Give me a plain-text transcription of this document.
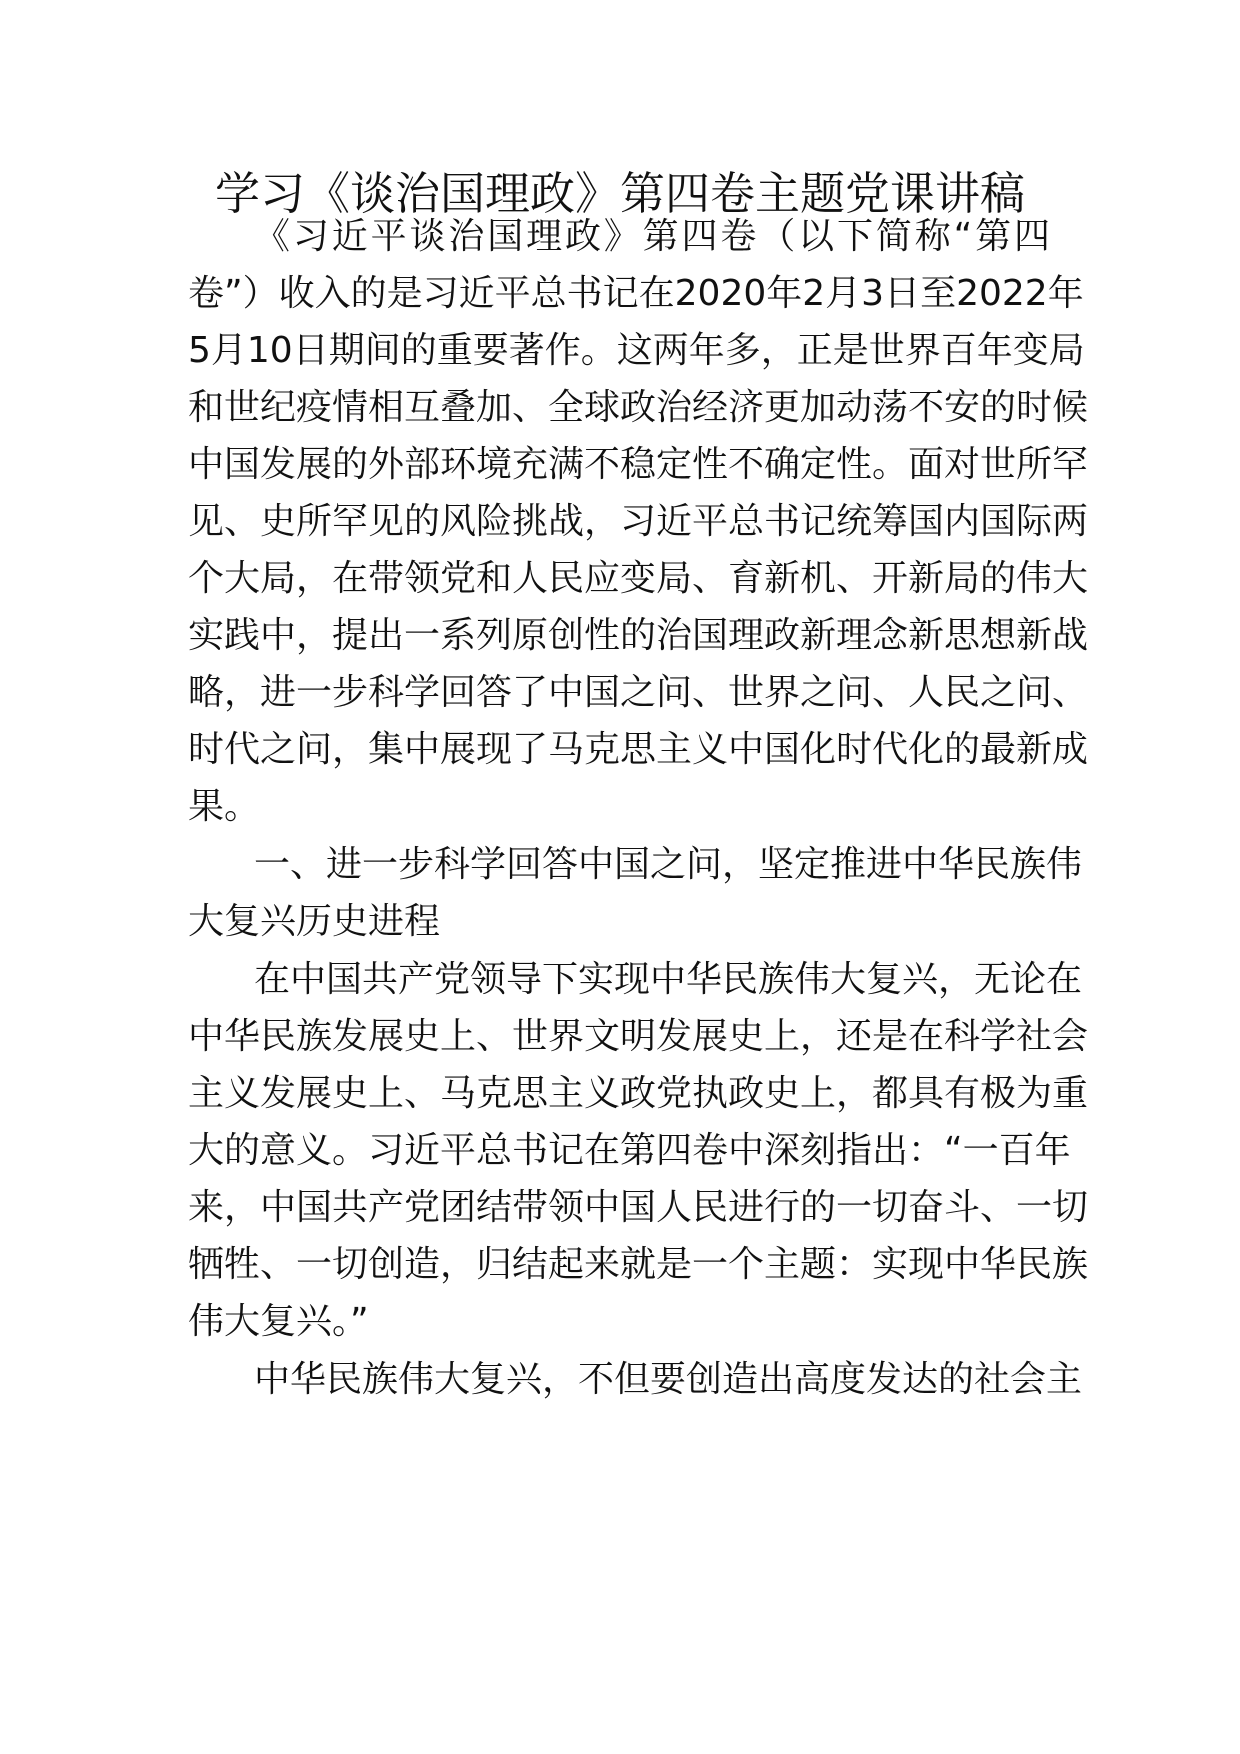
学习《谈治国理政》第四卷主题党课讲稿
《习近平谈治国理政》第四卷（以下简称“第四
卷”）收入的是习近平总书记在2020年2月3日至2022年
5月10日期间的重要著作。这两年多，正是世界百年变局
和世纪疫情相互叠加、全球政治经济更加动荡不安的时候
中国发展的外部环境充满不稳定性不确定性。面对世所罕
见、史所罕见的风险挑战，习近平总书记统筹国内国际两
个大局，在带领党和人民应变局、育新机、开新局的伟大
实践中，提出一系列原创性的治国理政新理念新思想新战
略，进一步科学回答了中国之问、世界之问、人民之问、
时代之问，集中展现了马克思主义中国化时代化的最新成
果。
一、进一步科学回答中国之问，坚定推进中华民族伟
大复兴历史进程
在中国共产党领导下实现中华民族伟大复兴，无论在
中华民族发展史上、世界文明发展史上，还是在科学社会
主义发展史上、马克思主义政党执政史上，都具有极为重
大的意义。习近平总书记在第四卷中深刻指出：“一百年
来，中国共产党团结带领中国人民进行的一切奋斗、一切
牺牲、一切创造，归结起来就是一个主题：实现中华民族
伟大复兴。”
中华民族伟大复兴，不但要创造出高度发达的社会主
